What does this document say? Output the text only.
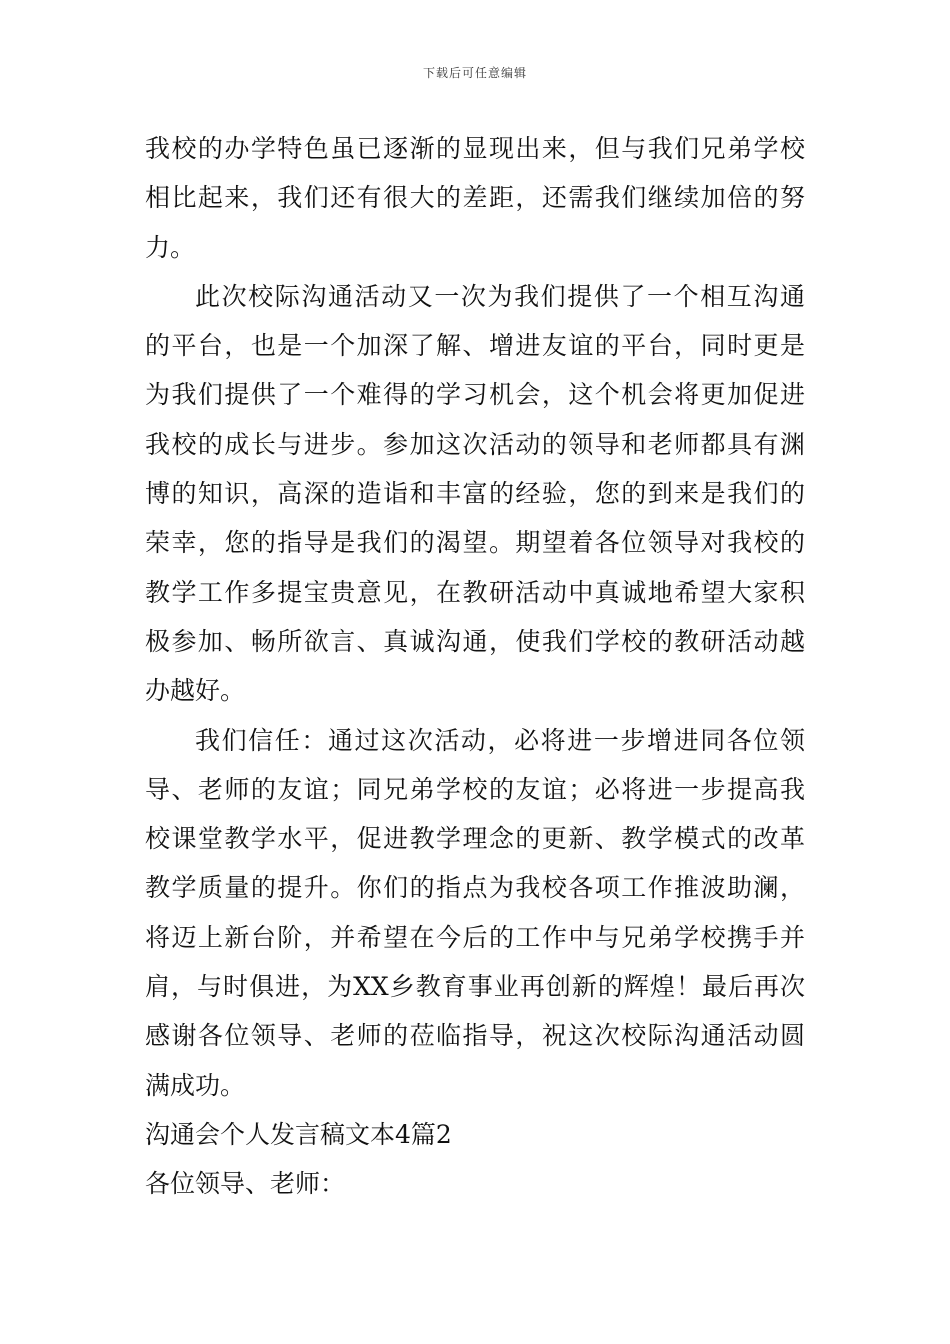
下载后可任意编辑
我校的办学特色虽已逐渐的显现出来，但与我们兄弟学校
相比起来，我们还有很大的差距，还需我们继续加倍的努
力。
此次校际沟通活动又一次为我们提供了一个相互沟通
的平台，也是一个加深了解、增进友谊的平台，同时更是
为我们提供了一个难得的学习机会，这个机会将更加促进
我校的成长与进步。参加这次活动的领导和老师都具有渊
博的知识，高深的造诣和丰富的经验，您的到来是我们的
荣幸，您的指导是我们的渴望。期望着各位领导对我校的
教学工作多提宝贵意见，在教研活动中真诚地希望大家积
极参加、畅所欲言、真诚沟通，使我们学校的教研活动越
办越好。
我们信任：通过这次活动，必将进一步增进同各位领
导、老师的友谊；同兄弟学校的友谊；必将进一步提高我
校课堂教学水平，促进教学理念的更新、教学模式的改革
教学质量的提升。你们的指点为我校各项工作推波助澜，
将迈上新台阶，并希望在今后的工作中与兄弟学校携手并
肩，与时俱进，为XX乡教育事业再创新的辉煌！最后再次
感谢各位领导、老师的莅临指导，祝这次校际沟通活动圆
满成功。
沟通会个人发言稿文本4篇2
各位领导、老师：
